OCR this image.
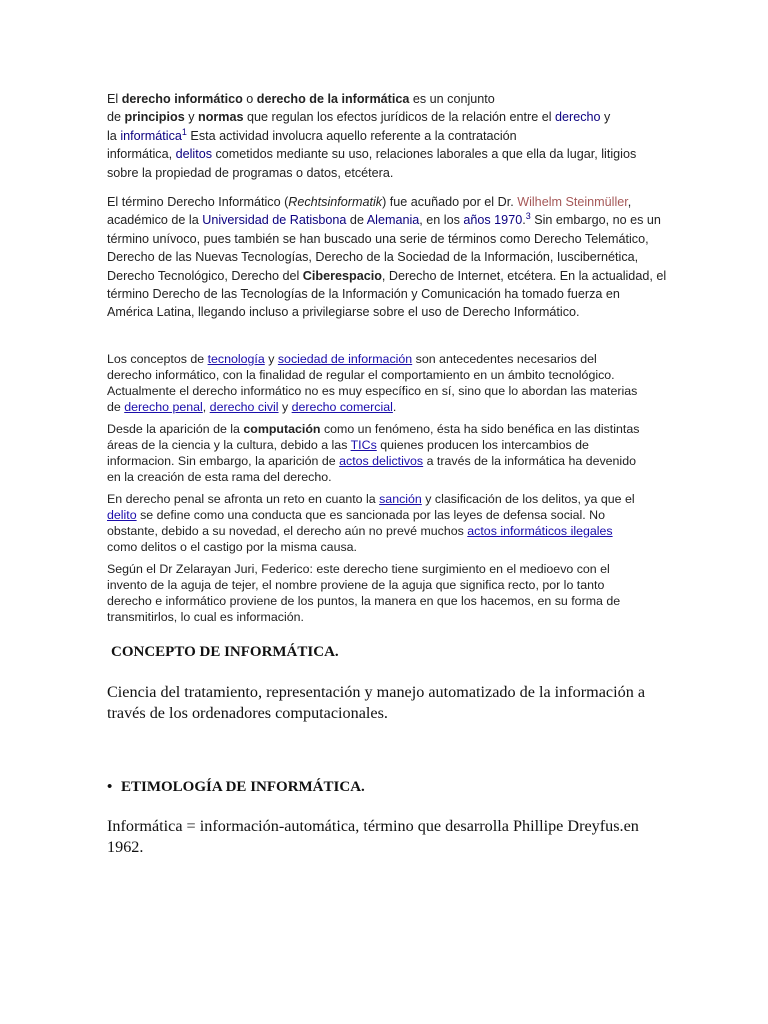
El derecho informático o derecho de la informática es un conjunto
de principios y normas que regulan los efectos jurídicos de la relación entre el derecho y
la informática$^1$ Esta actividad involucra aquello referente a la contratación
informática, delitos cometidos mediante su uso, relaciones laborales a que ella da lugar, litigios sobre la propiedad de programas o datos, etcétera.

El término Derecho Informático (Rechtsinformatik) fue acuñado por el Dr. Wilhelm Steinmüller,
académico de la Universidad de Ratisbona de Alemania, en los años 1970.$^3$ Sin embargo, no es un término unívoco, pues también se han buscado una serie de términos como Derecho Telemático, Derecho de las Nuevas Tecnologías, Derecho de la Sociedad de la Información, Iuscibernética, Derecho Tecnológico, Derecho del Ciberespacio, Derecho de Internet, etcétera. En la actualidad, el término Derecho de las Tecnologías de la Información y Comunicación ha tomado fuerza en América Latina, llegando incluso a privilegiarse sobre el uso de Derecho Informático.

Los conceptos de tecnología y sociedad de información son antecedentes necesarios del derecho informático, con la finalidad de regular el comportamiento en un ámbito tecnológico. Actualmente el derecho informático no es muy específico en sí, sino que lo abordan las materias de derecho penal, derecho civil y derecho comercial.

Desde la aparición de la computación como un fenómeno, ésta ha sido benéfica en las distintas áreas de la ciencia y la cultura, debido a las TICs quienes producen los intercambios de informacion. Sin embargo, la aparición de actos delictivos a través de la informática ha devenido en la creación de esta rama del derecho.

En derecho penal se afronta un reto en cuanto la sanción y clasificación de los delitos, ya que el delito se define como una conducta que es sancionada por las leyes de defensa social. No obstante, debido a su novedad, el derecho aún no prevé muchos actos informáticos ilegales como delitos o el castigo por la misma causa.

Según el Dr Zelarayan Juri, Federico: este derecho tiene surgimiento en el medioevo con el invento de la aguja de tejer, el nombre proviene de la aguja que significa recto, por lo tanto derecho e informático proviene de los puntos, la manera en que los hacemos, en su forma de transmitirlos, lo cual es información.

CONCEPTO DE INFORMÁTICA.
Ciencia del tratamiento, representación y manejo automatizado de la información a través de los ordenadores computacionales.
• ETIMOLOGÍA DE INFORMÁTICA.
Informática = información-automática, término que desarrolla Phillipe Dreyfus.en 1962.
